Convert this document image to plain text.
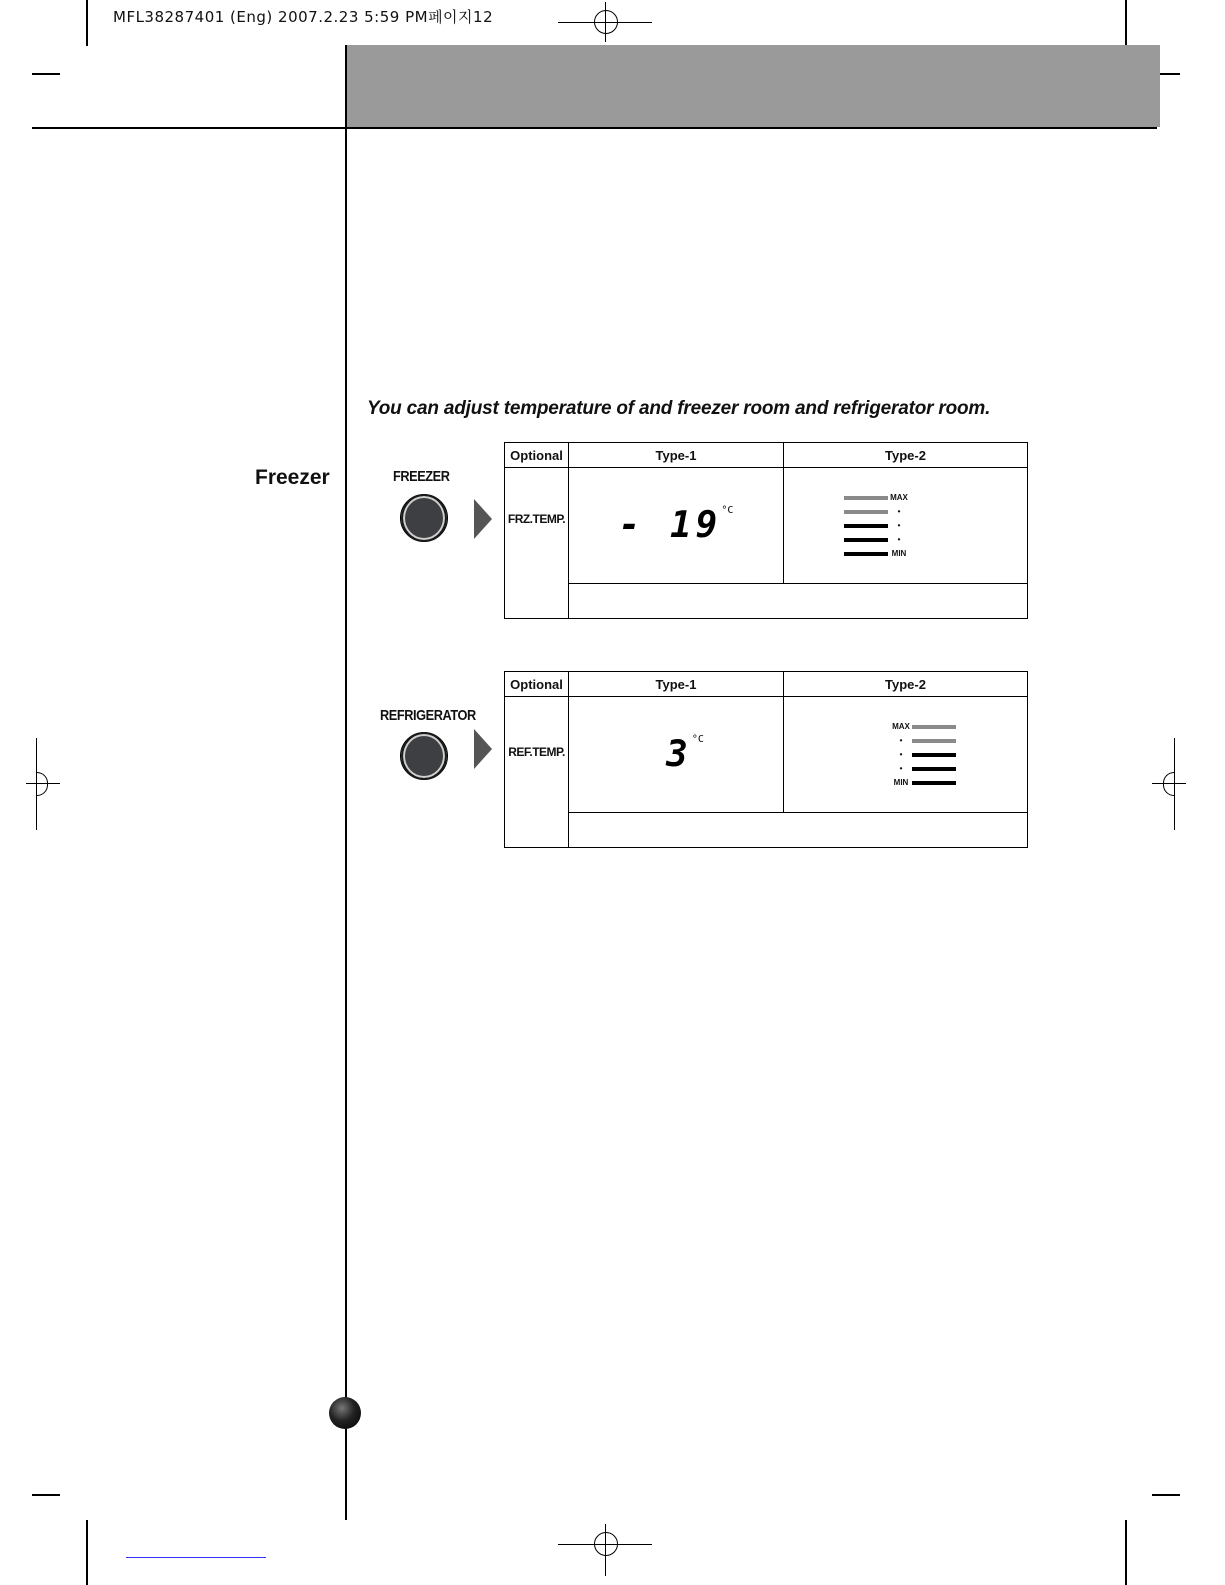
MFL38287401 (Eng) 2007.2.23 5:59 PM페이지12
You can adjust temperature of and freezer room and refrigerator room.
Freezer	FREEZER
Optional	Type-1	Type-2
FRZ.TEMP.	- $19^{^\circ C}$	MAX
•
•
•
MIN

REFRIGERATOR
Optional	Type-1	Type-2
REF.TEMP.	$3^{^\circ C}$	MAX
•
•
•
MIN
